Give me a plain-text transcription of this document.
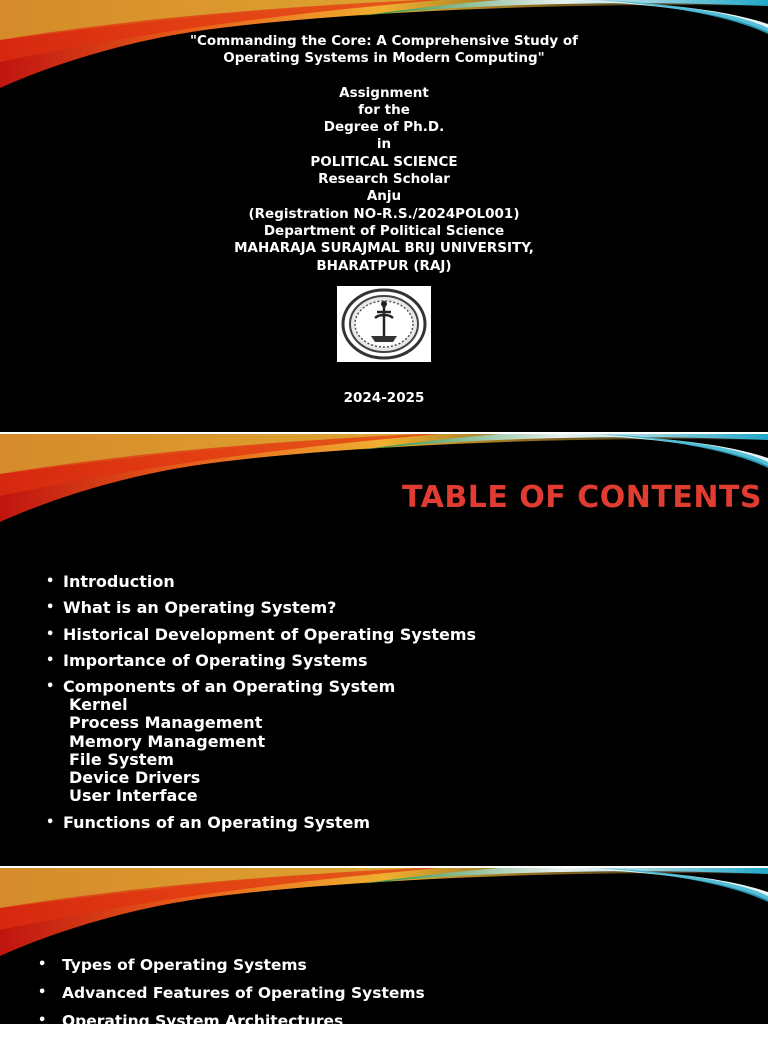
"Commanding the Core: A Comprehensive Study of Operating Systems in Modern Computing"
Assignment
for the
Degree of Ph.D.
in
POLITICAL SCIENCE
Research Scholar
Anju
(Registration NO-R.S./2024POL001)
Department of Political Science
MAHARAJA SURAJMAL BRIJ UNIVERSITY,
BHARATPUR (RAJ)
2024-2025
TABLE OF CONTENTS
• Introduction
• What is an Operating System?
• Historical Development of Operating Systems
• Importance of Operating Systems
• Components of an Operating System
Kernel
Process Management
Memory Management
File System
Device Drivers
User Interface
• Functions of an Operating System
• Types of Operating Systems
• Advanced Features of Operating Systems
• Operating System Architectures
